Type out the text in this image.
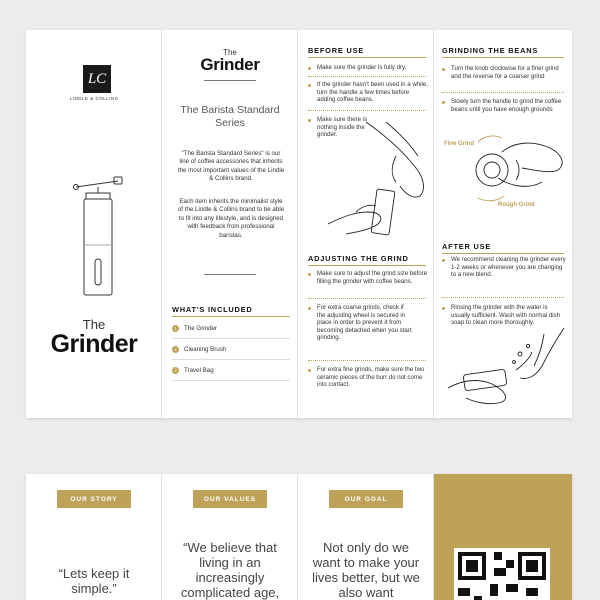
LC
LINDLE & COLLINS
The
Grinder
The
Grinder
The Barista Standard Series
"The Barista Standard Series" is our line of coffee accessories that inherits the most important values of the Lindle & Collins brand.
Each item inherits the minimalist style of the Lindle & Collins brand to be able to fit into any lifestyle, and is designed with feedback from professional baristas.
WHAT'S INCLUDED
1	The Grinder
2	Cleaning Brush
3	Travel Bag
BEFORE USE
Make sure the grinder is fully dry.
If the grinder hasn't been used in a while, turn the handle a few times before adding coffee beans.
Make sure there is nothing inside the grinder.
ADJUSTING THE GRIND
Make sure to adjust the grind size before filling the grinder with coffee beans.
For extra coarse grinds, check if the adjusting wheel is secured in place in order to prevent it from becoming detached when you start grinding.
For extra fine grinds, make sure the two ceramic pieces of the burr do not come into contact.
GRINDING THE BEANS
Turn the knob clockwise for a finer grind and the reverse for a coarser grind
Slowly turn the handle to grind the coffee beans until you have enough grounds
Fine Grind
Rough Grind
AFTER USE
We recommend cleaning the grinder every 1-2 weeks or whenever you are changing to a new blend.
Rinsing the grinder with the water is usually sufficient. Wash with normal dish soap to clean more thoroughly.
OUR STORY
“Lets keep it simple.”
OUR VALUES
“We believe that living in an increasingly complicated age,
OUR GOAL
Not only do we want to make your lives better, but we also want
